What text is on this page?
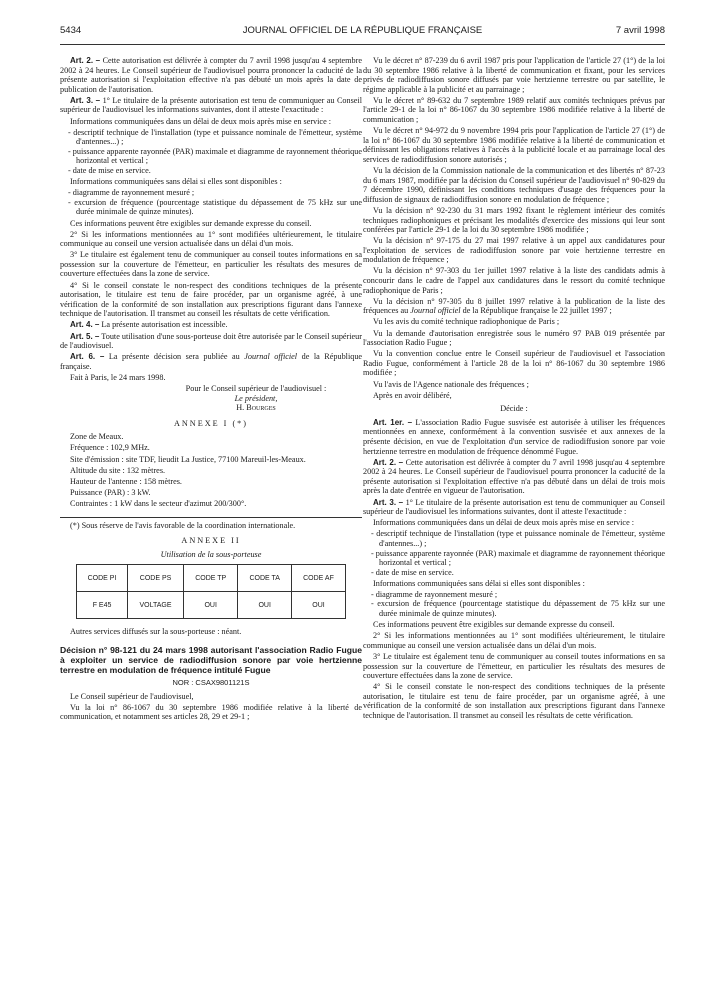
5434	JOURNAL OFFICIEL DE LA RÉPUBLIQUE FRANÇAISE	7 avril 1998

Art. 2. – Cette autorisation est délivrée à compter du 7 avril 1998 jusqu'au 4 septembre 2002 à 24 heures. Le Conseil supérieur de l'audiovisuel pourra prononcer la caducité de la présente autorisation si l'exploitation effective n'a pas débuté un mois après la date de publication de l'autorisation.

Art. 3. – 1° Le titulaire de la présente autorisation est tenu de communiquer au Conseil supérieur de l'audiovisuel les informations suivantes, dont il atteste l'exactitude :

Informations communiquées dans un délai de deux mois après mise en service :

- descriptif technique de l'installation (type et puissance nominale de l'émetteur, système d'antennes...) ;
- puissance apparente rayonnée (PAR) maximale et diagramme de rayonnement théorique horizontal et vertical ;
- date de mise en service.

Informations communiquées sans délai si elles sont disponibles :

- diagramme de rayonnement mesuré ;
- excursion de fréquence (pourcentage statistique du dépassement de 75 kHz sur une durée minimale de quinze minutes).

Ces informations peuvent être exigibles sur demande expresse du conseil.

2° Si les informations mentionnées au 1° sont modifiées ultérieurement, le titulaire communique au conseil une version actualisée dans un délai d'un mois.

3° Le titulaire est également tenu de communiquer au conseil toutes informations en sa possession sur la couverture de l'émetteur, en particulier les résultats des mesures de couverture effectuées dans la zone de service.

4° Si le conseil constate le non-respect des conditions techniques de la présente autorisation, le titulaire est tenu de faire procéder, par un organisme agréé, à une vérification de la conformité de son installation aux prescriptions figurant dans l'annexe technique de l'autorisation. Il transmet au conseil les résultats de cette vérification.

Art. 4. – La présente autorisation est incessible.

Art. 5. – Toute utilisation d'une sous-porteuse doit être autorisée par le Conseil supérieur de l'audiovisuel.

Art. 6. – La présente décision sera publiée au Journal officiel de la République française.

Fait à Paris, le 24 mars 1998.

Pour le Conseil supérieur de l'audiovisuel :
Le président,
H. Bourges

ANNEXE I (*)

Zone de Meaux.

Fréquence : 102,9 MHz.

Site d'émission : site TDF, lieudit La Justice, 77100 Mareuil-les-Meaux.

Altitude du site : 132 mètres.

Hauteur de l'antenne : 158 mètres.

Puissance (PAR) : 3 kW.

Contraintes : 1 kW dans le secteur d'azimut 200/300°.

(*) Sous réserve de l'avis favorable de la coordination internationale.

ANNEXE II

Utilisation de la sous-porteuse

CODE PI	CODE PS	CODE TP	CODE TA	CODE AF
F E45	VOLTAGE	OUI	OUI	OUI

Autres services diffusés sur la sous-porteuse : néant.

Décision n° 98-121 du 24 mars 1998 autorisant l'association Radio Fugue à exploiter un service de radiodiffusion sonore par voie hertzienne terrestre en modulation de fréquence intitulé Fugue
NOR : CSAX9801121S

Le Conseil supérieur de l'audiovisuel,

Vu la loi n° 86-1067 du 30 septembre 1986 modifiée relative à la liberté de communication, et notamment ses articles 28, 29 et 29-1 ;

Vu le décret n° 87-239 du 6 avril 1987 pris pour l'application de l'article 27 (1°) de la loi du 30 septembre 1986 relative à la liberté de communication et fixant, pour les services privés de radiodiffusion sonore diffusés par voie hertzienne terrestre ou par satellite, le régime applicable à la publicité et au parrainage ;

Vu le décret n° 89-632 du 7 septembre 1989 relatif aux comités techniques prévus par l'article 29-1 de la loi n° 86-1067 du 30 septembre 1986 modifiée relative à la liberté de communication ;

Vu le décret n° 94-972 du 9 novembre 1994 pris pour l'application de l'article 27 (1°) de la loi n° 86-1067 du 30 septembre 1986 modifiée relative à la liberté de communication et définissant les obligations relatives à l'accès à la publicité locale et au parrainage local des services de radiodiffusion sonore autorisés ;

Vu la décision de la Commission nationale de la communication et des libertés n° 87-23 du 6 mars 1987, modifiée par la décision du Conseil supérieur de l'audiovisuel n° 90-829 du 7 décembre 1990, définissant les conditions techniques d'usage des fréquences pour la diffusion de signaux de radiodiffusion sonore en modulation de fréquence ;

Vu la décision n° 92-230 du 31 mars 1992 fixant le règlement intérieur des comités techniques radiophoniques et précisant les modalités d'exercice des missions qui leur sont conférées par l'article 29-1 de la loi du 30 septembre 1986 modifiée ;

Vu la décision n° 97-175 du 27 mai 1997 relative à un appel aux candidatures pour l'exploitation de services de radiodiffusion sonore par voie hertzienne terrestre en modulation de fréquence ;

Vu la décision n° 97-303 du 1er juillet 1997 relative à la liste des candidats admis à concourir dans le cadre de l'appel aux candidatures dans le ressort du comité technique radiophonique de Paris ;

Vu la décision n° 97-305 du 8 juillet 1997 relative à la publication de la liste des fréquences au Journal officiel de la République française le 22 juillet 1997 ;

Vu les avis du comité technique radiophonique de Paris ;

Vu la demande d'autorisation enregistrée sous le numéro 97 PAB 019 présentée par l'association Radio Fugue ;

Vu la convention conclue entre le Conseil supérieur de l'audiovisuel et l'association Radio Fugue, conformément à l'article 28 de la loi n° 86-1067 du 30 septembre 1986 modifiée ;

Vu l'avis de l'Agence nationale des fréquences ;

Après en avoir délibéré,

Décide :

Art. 1er. – L'association Radio Fugue susvisée est autorisée à utiliser les fréquences mentionnées en annexe, conformément à la convention susvisée et aux annexes de la présente décision, en vue de l'exploitation d'un service de radiodiffusion sonore par voie hertzienne terrestre en modulation de fréquence dénommé Fugue.

Art. 2. – Cette autorisation est délivrée à compter du 7 avril 1998 jusqu'au 4 septembre 2002 à 24 heures. Le Conseil supérieur de l'audiovisuel pourra prononcer la caducité de la présente autorisation si l'exploitation effective n'a pas débuté dans un délai de trois mois après la date d'entrée en vigueur de l'autorisation.

Art. 3. – 1° Le titulaire de la présente autorisation est tenu de communiquer au Conseil supérieur de l'audiovisuel les informations suivantes, dont il atteste l'exactitude :

Informations communiquées dans un délai de deux mois après mise en service :

- descriptif technique de l'installation (type et puissance nominale de l'émetteur, système d'antennes...) ;
- puissance apparente rayonnée (PAR) maximale et diagramme de rayonnement théorique horizontal et vertical ;
- date de mise en service.

Informations communiquées sans délai si elles sont disponibles :

- diagramme de rayonnement mesuré ;
- excursion de fréquence (pourcentage statistique du dépassement de 75 kHz sur une durée minimale de quinze minutes).

Ces informations peuvent être exigibles sur demande expresse du conseil.

2° Si les informations mentionnées au 1° sont modifiées ultérieurement, le titulaire communique au conseil une version actualisée dans un délai d'un mois.

3° Le titulaire est également tenu de communiquer au conseil toutes informations en sa possession sur la couverture de l'émetteur, en particulier les résultats des mesures de couverture effectuées dans la zone de service.

4° Si le conseil constate le non-respect des conditions techniques de la présente autorisation, le titulaire est tenu de faire procéder, par un organisme agréé, à une vérification de la conformité de son installation aux prescriptions figurant dans l'annexe technique de l'autorisation. Il transmet au conseil les résultats de cette vérification.
